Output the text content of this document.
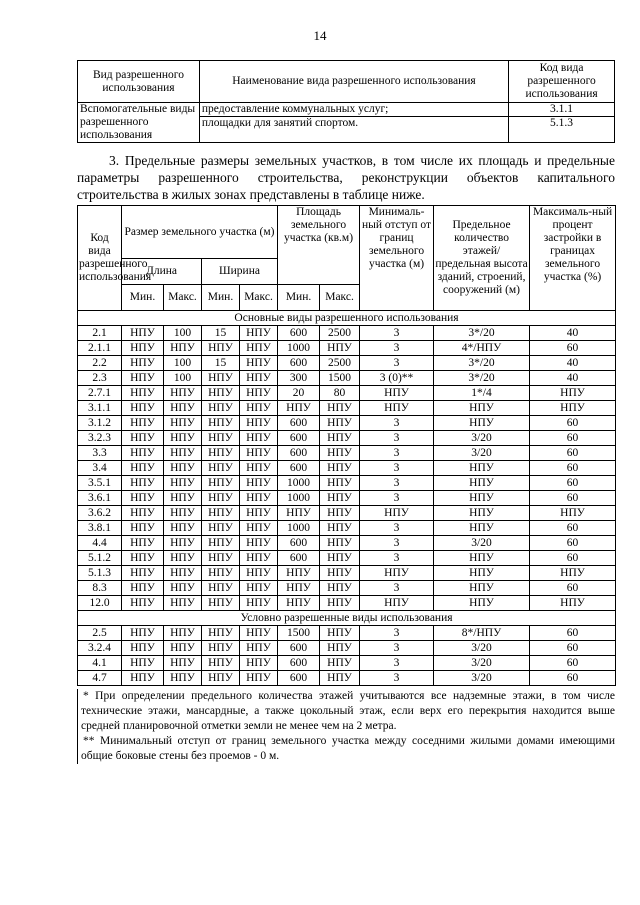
14
Вид разрешенного использования	Наименование вида разрешенного использования	Код вида разрешенного использования
Вспомогательные виды разрешенного использования	предоставление коммунальных услуг;	3.1.1
	площадки для занятий спортом.	5.1.3
3. Предельные размеры земельных участков, в том числе их площадь и предельные параметры разрешенного строительства, реконструкции объектов капитального строительства в жилых зонах представлены в таблице ниже.
Код вида разрешенного использования	Размер земельного участка (м)				Площадь земельного участка (кв.м)		Минималь-ный отступ от границ земельного участка (м)	Предельное количество этажей/ предельная высота зданий, строений, сооружений (м)	Максималь-ный процент застройки в границах земельного участка (%)
	Длина		Ширина						
	Мин.	Макс.	Мин.	Макс.	Мин.	Макс.			
Основные виды разрешенного использования									
2.1	НПУ	100	15	НПУ	600	2500	3	3*/20	40
2.1.1	НПУ	НПУ	НПУ	НПУ	1000	НПУ	3	4*/НПУ	60
2.2	НПУ	100	15	НПУ	600	2500	3	3*/20	40
2.3	НПУ	100	НПУ	НПУ	300	1500	3 (0)**	3*/20	40
2.7.1	НПУ	НПУ	НПУ	НПУ	20	80	НПУ	1*/4	НПУ
3.1.1	НПУ	НПУ	НПУ	НПУ	НПУ	НПУ	НПУ	НПУ	НПУ
3.1.2	НПУ	НПУ	НПУ	НПУ	600	НПУ	3	НПУ	60
3.2.3	НПУ	НПУ	НПУ	НПУ	600	НПУ	3	3/20	60
3.3	НПУ	НПУ	НПУ	НПУ	600	НПУ	3	3/20	60
3.4	НПУ	НПУ	НПУ	НПУ	600	НПУ	3	НПУ	60
3.5.1	НПУ	НПУ	НПУ	НПУ	1000	НПУ	3	НПУ	60
3.6.1	НПУ	НПУ	НПУ	НПУ	1000	НПУ	3	НПУ	60
3.6.2	НПУ	НПУ	НПУ	НПУ	НПУ	НПУ	НПУ	НПУ	НПУ
3.8.1	НПУ	НПУ	НПУ	НПУ	1000	НПУ	3	НПУ	60
4.4	НПУ	НПУ	НПУ	НПУ	600	НПУ	3	3/20	60
5.1.2	НПУ	НПУ	НПУ	НПУ	600	НПУ	3	НПУ	60
5.1.3	НПУ	НПУ	НПУ	НПУ	НПУ	НПУ	НПУ	НПУ	НПУ
8.3	НПУ	НПУ	НПУ	НПУ	НПУ	НПУ	3	НПУ	60
12.0	НПУ	НПУ	НПУ	НПУ	НПУ	НПУ	НПУ	НПУ	НПУ
Условно разрешенные виды использования									
2.5	НПУ	НПУ	НПУ	НПУ	1500	НПУ	3	8*/НПУ	60
3.2.4	НПУ	НПУ	НПУ	НПУ	600	НПУ	3	3/20	60
4.1	НПУ	НПУ	НПУ	НПУ	600	НПУ	3	3/20	60
4.7	НПУ	НПУ	НПУ	НПУ	600	НПУ	3	3/20	60

* При определении предельного количества этажей учитываются все надземные этажи, в том числе технические этажи, мансардные, а также цокольный этаж, если верх его перекрытия находится выше средней планировочной отметки земли не менее чем на 2 метра.

** Минимальный отступ от границ земельного участка между соседними жилыми домами имеющими общие боковые стены без проемов - 0 м.
